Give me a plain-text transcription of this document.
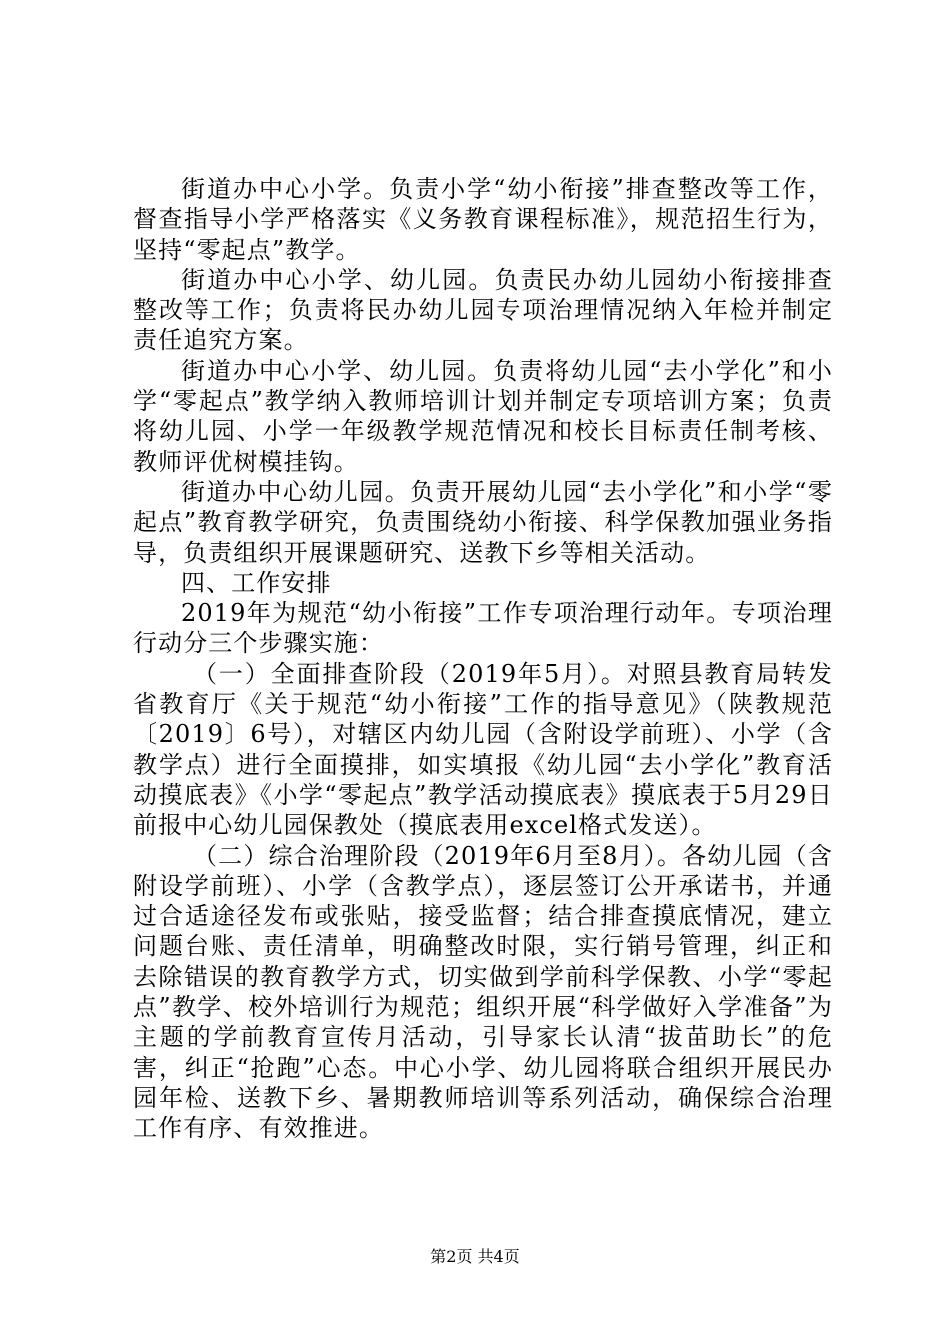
街道办中心小学。负责小学“幼小衔接”排查整改等工作，督查指导小学严格落实《义务教育课程标准》，规范招生行为，坚持“零起点”教学。

街道办中心小学、幼儿园。负责民办幼儿园幼小衔接排查整改等工作；负责将民办幼儿园专项治理情况纳入年检并制定责任追究方案。

街道办中心小学、幼儿园。负责将幼儿园“去小学化”和小学“零起点”教学纳入教师培训计划并制定专项培训方案；负责将幼儿园、小学一年级教学规范情况和校长目标责任制考核、教师评优树模挂钩。

街道办中心幼儿园。负责开展幼儿园“去小学化”和小学“零起点”教育教学研究，负责围绕幼小衔接、科学保教加强业务指导，负责组织开展课题研究、送教下乡等相关活动。

四、工作安排

2019年为规范“幼小衔接”工作专项治理行动年。专项治理行动分三个步骤实施：

（一）全面排查阶段（2019年5月）。对照县教育局转发省教育厅《关于规范“幼小衔接”工作的指导意见》（陕教规范〔2019〕6号），对辖区内幼儿园（含附设学前班）、小学（含教学点）进行全面摸排，如实填报《幼儿园“去小学化”教育活动摸底表》《小学“零起点”教学活动摸底表》摸底表于5月29日前报中心幼儿园保教处（摸底表用excel格式发送）。

（二）综合治理阶段（2019年6月至8月）。各幼儿园（含附设学前班）、小学（含教学点），逐层签订公开承诺书，并通过合适途径发布或张贴，接受监督；结合排查摸底情况，建立问题台账、责任清单，明确整改时限，实行销号管理，纠正和去除错误的教育教学方式，切实做到学前科学保教、小学“零起点”教学、校外培训行为规范；组织开展“科学做好入学准备”为主题的学前教育宣传月活动，引导家长认清“拔苗助长”的危害，纠正“抢跑”心态。中心小学、幼儿园将联合组织开展民办园年检、送教下乡、暑期教师培训等系列活动，确保综合治理工作有序、有效推进。

第2页 共4页
